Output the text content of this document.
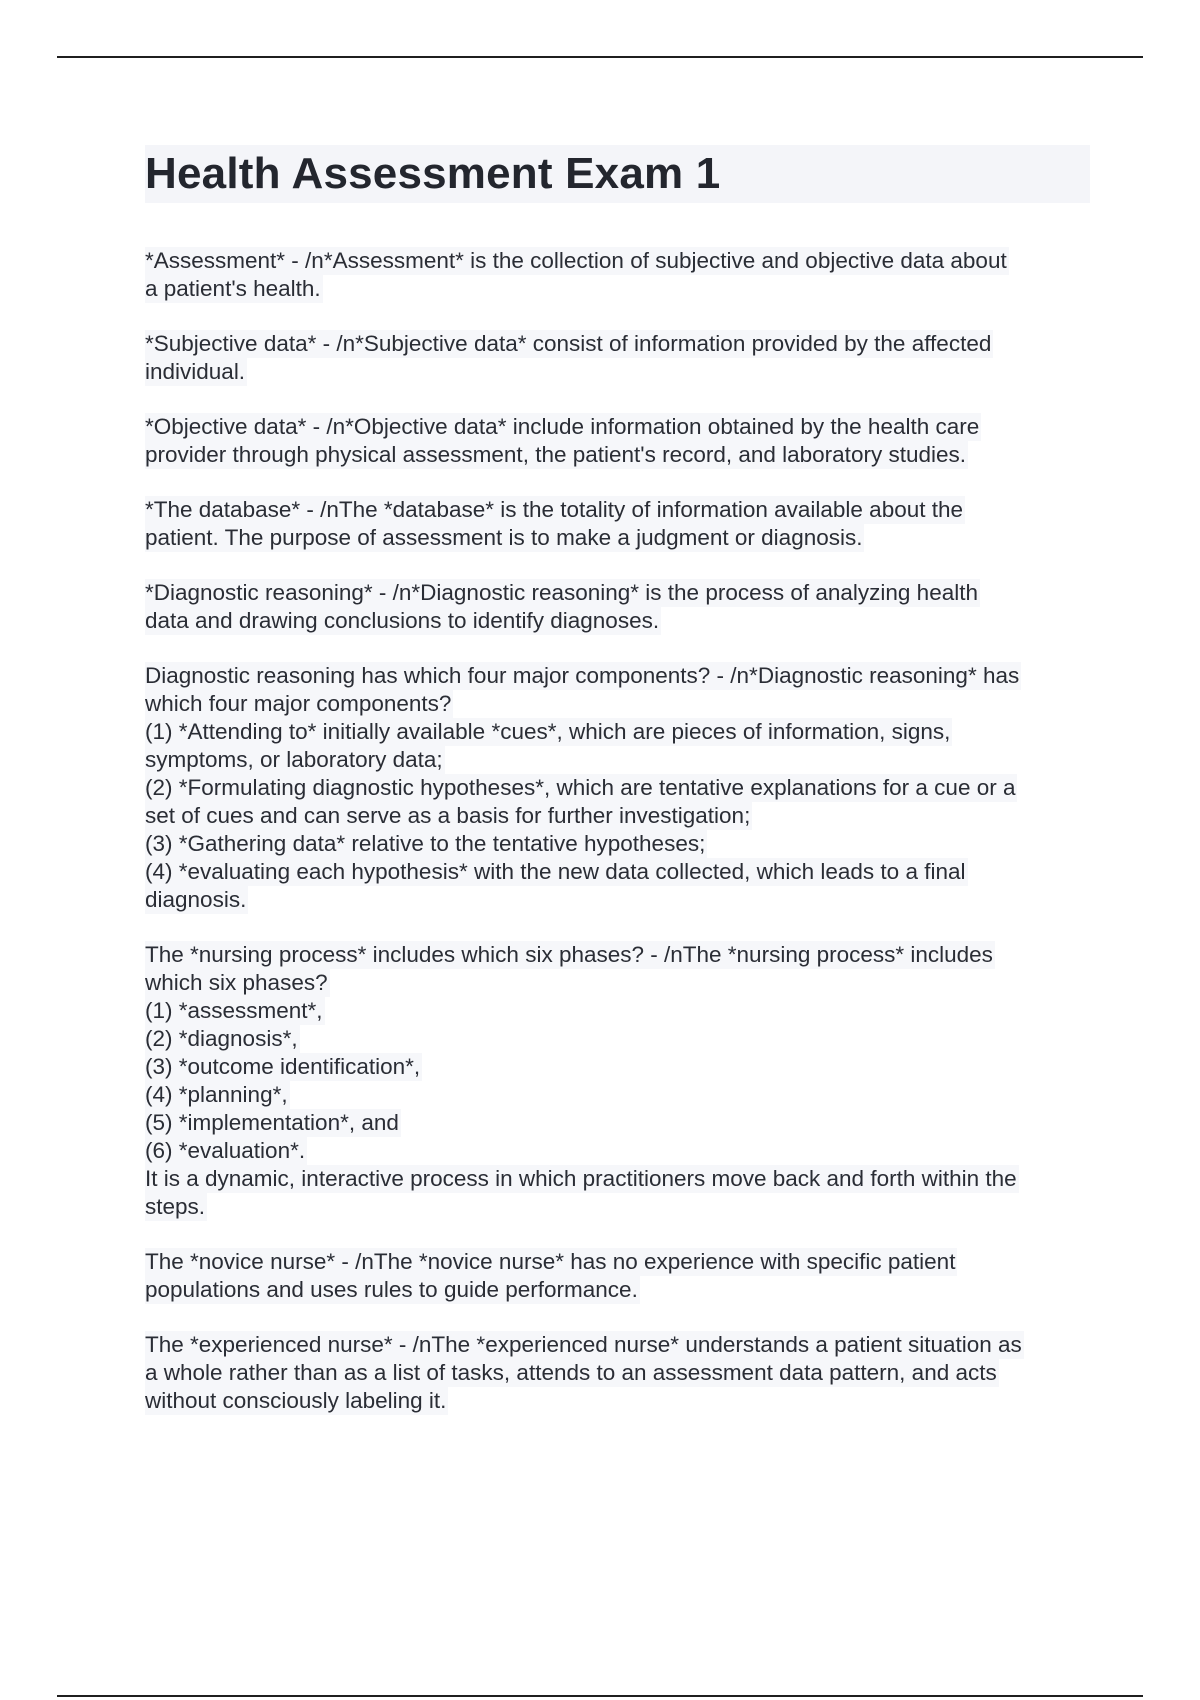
Health Assessment Exam 1

*Assessment* - /n*Assessment* is the collection of subjective and objective data about
a patient's health.

*Subjective data* - /n*Subjective data* consist of information provided by the affected
individual.

*Objective data* - /n*Objective data* include information obtained by the health care
provider through physical assessment, the patient's record, and laboratory studies.

*The database* - /nThe *database* is the totality of information available about the
patient. The purpose of assessment is to make a judgment or diagnosis.

*Diagnostic reasoning* - /n*Diagnostic reasoning* is the process of analyzing health
data and drawing conclusions to identify diagnoses.

Diagnostic reasoning has which four major components? - /n*Diagnostic reasoning* has
which four major components?
(1) *Attending to* initially available *cues*, which are pieces of information, signs,
symptoms, or laboratory data;
(2) *Formulating diagnostic hypotheses*, which are tentative explanations for a cue or a
set of cues and can serve as a basis for further investigation;
(3) *Gathering data* relative to the tentative hypotheses;
(4) *evaluating each hypothesis* with the new data collected, which leads to a final
diagnosis.

The *nursing process* includes which six phases? - /nThe *nursing process* includes
which six phases?
(1) *assessment*,
(2) *diagnosis*,
(3) *outcome identification*,
(4) *planning*,
(5) *implementation*, and
(6) *evaluation*.
It is a dynamic, interactive process in which practitioners move back and forth within the
steps.

The *novice nurse* - /nThe *novice nurse* has no experience with specific patient
populations and uses rules to guide performance.

The *experienced nurse* - /nThe *experienced nurse* understands a patient situation as
a whole rather than as a list of tasks, attends to an assessment data pattern, and acts
without consciously labeling it.
